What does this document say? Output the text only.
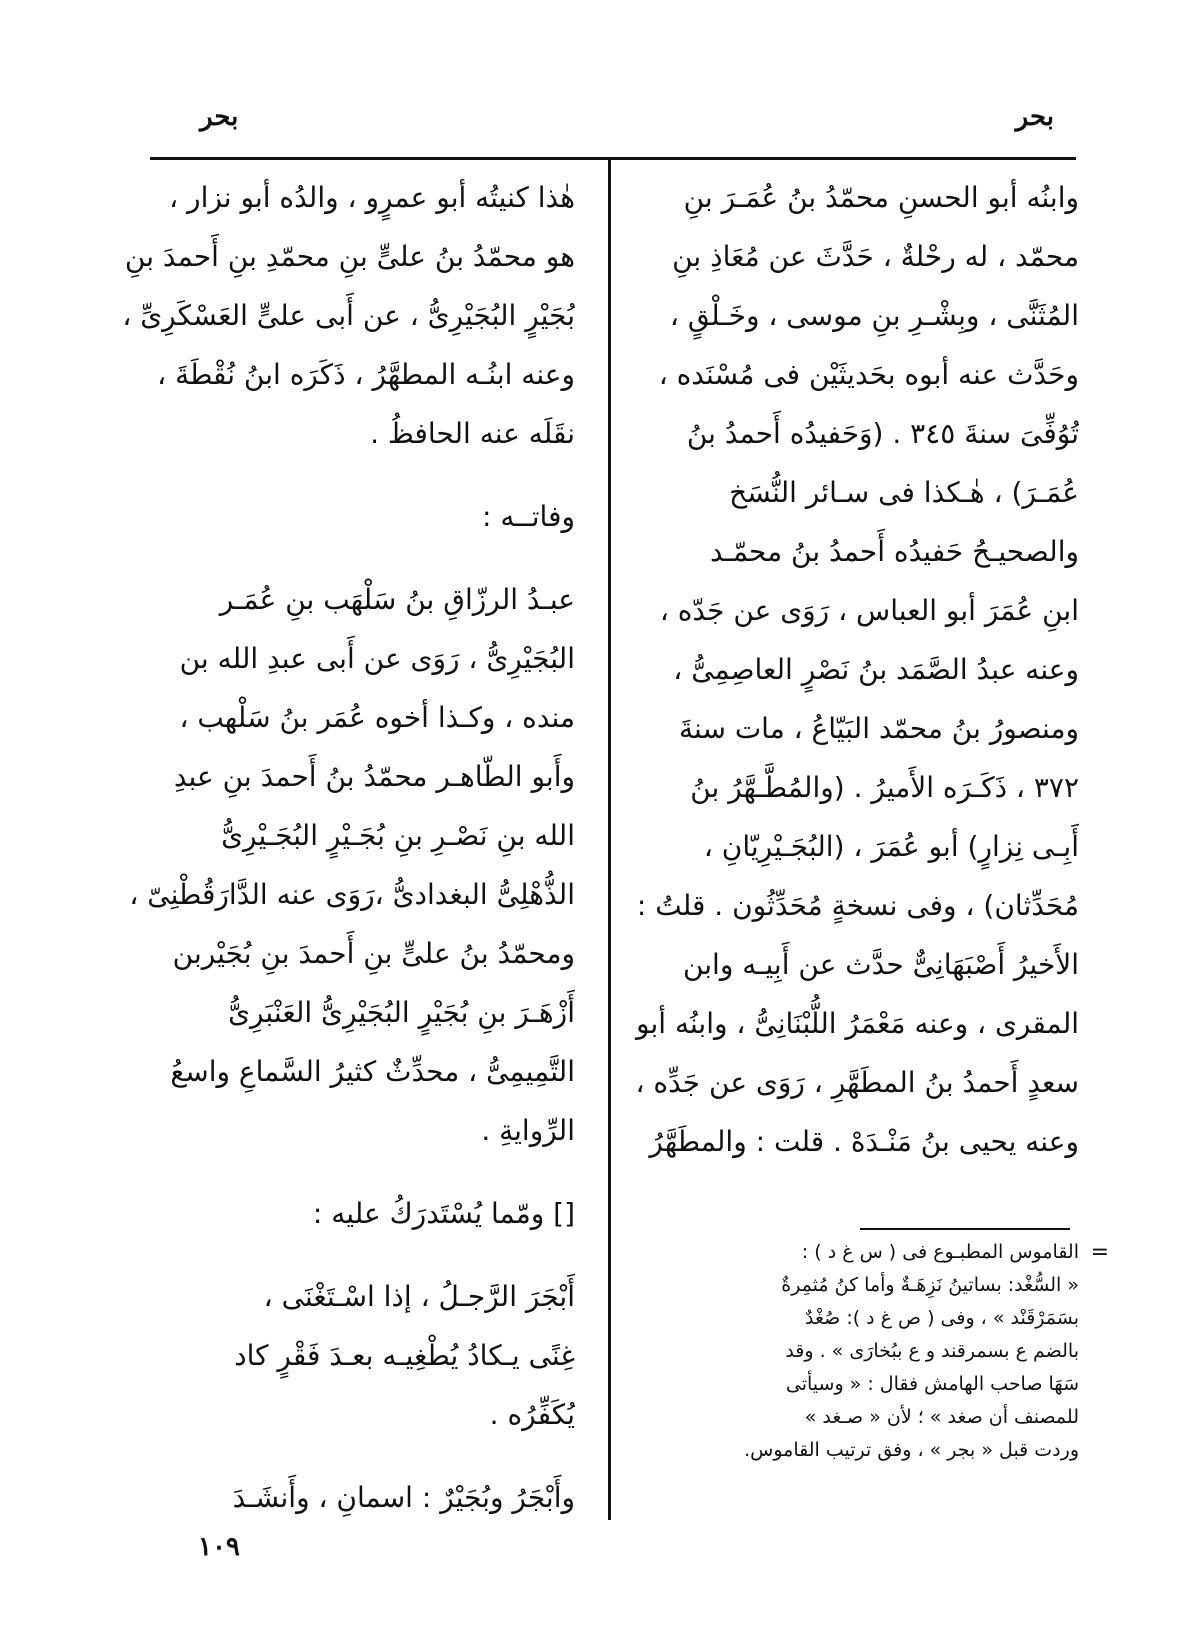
بحر
بحر
وابنُه أبو الحسنِ محمّدُ بنُ عُمَـرَ بنِ
محمّد ، له رحْلةٌ ، حَدَّثَ عن مُعَاذِ بنِ
المُثَنَّى ، وبِشْـرِ بنِ موسى ، وخَـلْقٍ ،
وحَدَّث عنه أبوه بحَديثَيْن فى مُسْنَده ،
تُوُفِّىَ سنةَ ٣٤٥ . (وَحَفيدُه أَحمدُ بنُ
عُمَـرَ) ، هٰـكذا فى سـائر النُّسَخ
والصحيـحُ حَفيدُه أَحمدُ بنُ محمّـد
ابنِ عُمَرَ أبو العباس ، رَوَى عن جَدّه ،
وعنه عبدُ الصَّمَد بنُ نَصْرٍ العاصِمِىُّ ،
ومنصورُ بنُ محمّد البَيّاعُ ، مات سنةَ
٣٧٢ ، ذَكَـرَه الأَميرُ . (والمُطَّـهَّرُ بنُ
أَبِـى نِزارٍ) أبو عُمَرَ ، (البُجَـيْرِيّانِ ،
مُحَدِّثان) ، وفى نسخةٍ مُحَدِّثُون . قلتُ :
الأَخيرُ أَصْبَهَانِىٌّ حدَّث عن أَبِيـه وابن
المقرى ، وعنه مَعْمَرُ اللُّبْنَانِىُّ ، وابنُه أبو
سعدٍ أَحمدُ بنُ المطَهَّرِ ، رَوَى عن جَدِّه ،
وعنه يحيى بنُ مَنْـدَهْ . قلت : والمطَهَّرُ
=
القاموس المطبـوع فى ( س غ د ) :
« السُّغْد: بساتينُ نَزِهَـةٌ وأما كنُ مُثمِرةٌ
بسَمَرْقَنْد » ، وفى ( ص غ د ): صُغْدٌ
بالضم ع بسمرقند و ع ببُخارَى » . وقد
سَهَا صاحب الهامش فقال : « وسيأتى
للمصنف أن صغد » ؛ لأن « صـغد »
وردت قبل « بجر » ، وفق ترتيب القاموس.
هٰذا كنيتُه أبو عمرٍو ، والدُه أبو نزار ،
هو محمّدُ بنُ علىٍّ بنِ محمّدِ بنِ أَحمدَ بنِ
بُجَيْرٍ البُجَيْرِىُّ ، عن أَبى علىٍّ العَسْكَرِىِّ ،
وعنه ابنُـه المطهَّرُ ، ذَكَرَه ابنُ نُقْطَةَ ،
نقَلَه عنه الحافظُ .
وفاتــه :
عبـدُ الرزّاقِ بنُ سَلْهَب بنِ عُمَـر
البُجَيْرِىُّ ، رَوَى عن أَبى عبدِ الله بن
منده ، وكـذا أخوه عُمَر بنُ سَلْهب ،
وأَبو الطّاهـر محمّدُ بنُ أَحمدَ بنِ عبدِ
الله بنِ نَصْـرِ بنِ بُجَـيْرٍ البُجَـيْرِىُّ
الذُّهْلِىُّ البغدادىُّ ،رَوَى عنه الدَّارَقُطْنِىّ ،
ومحمّدُ بنُ علىٍّ بنِ أَحمدَ بنِ بُجَيْربن
أَزْهَـرَ بنِ بُجَيْرٍ البُجَيْرِىُّ العَنْبَرِىُّ
التَّمِيمِىُّ ، محدِّثٌ كثيرُ السَّماعِ واسعُ
الرِّوايةِ .
[] ومّما يُسْتَدرَكُ عليه :
أَبْجَرَ الرَّجـلُ ، إذا اسْـتَغْنَى ،
غِنًى يـكادُ يُطْغِيـه بعـدَ فَقْرٍ كاد
يُكَفِّرُه .
وأَبْجَرُ وبُجَيْرٌ : اسمانِ ، وأَنشَـدَ
١٠٩
